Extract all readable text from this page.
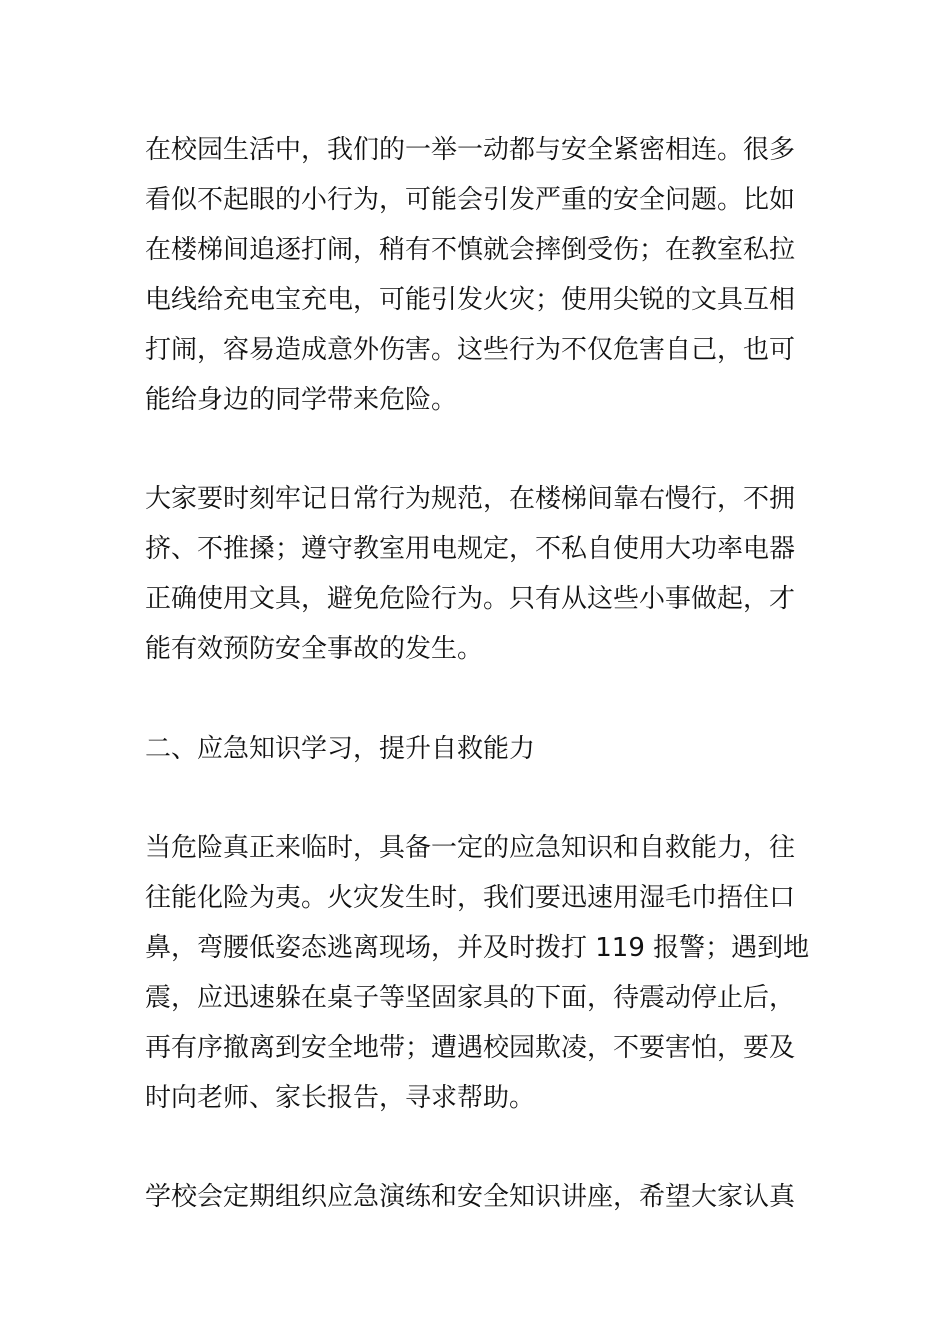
在校园生活中，我们的一举一动都与安全紧密相连。很多

看似不起眼的小行为，可能会引发严重的安全问题。比如

在楼梯间追逐打闹，稍有不慎就会摔倒受伤；在教室私拉

电线给充电宝充电，可能引发火灾；使用尖锐的文具互相

打闹，容易造成意外伤害。这些行为不仅危害自己，也可

能给身边的同学带来危险。

大家要时刻牢记日常行为规范，在楼梯间靠右慢行，不拥

挤、不推搡；遵守教室用电规定，不私自使用大功率电器

正确使用文具，避免危险行为。只有从这些小事做起，才

能有效预防安全事故的发生。

二、应急知识学习，提升自救能力

当危险真正来临时，具备一定的应急知识和自救能力，往

往能化险为夷。火灾发生时，我们要迅速用湿毛巾捂住口

鼻，弯腰低姿态逃离现场，并及时拨打 119 报警；遇到地

震，应迅速躲在桌子等坚固家具的下面，待震动停止后，

再有序撤离到安全地带；遭遇校园欺凌，不要害怕，要及

时向老师、家长报告，寻求帮助。

学校会定期组织应急演练和安全知识讲座，希望大家认真
